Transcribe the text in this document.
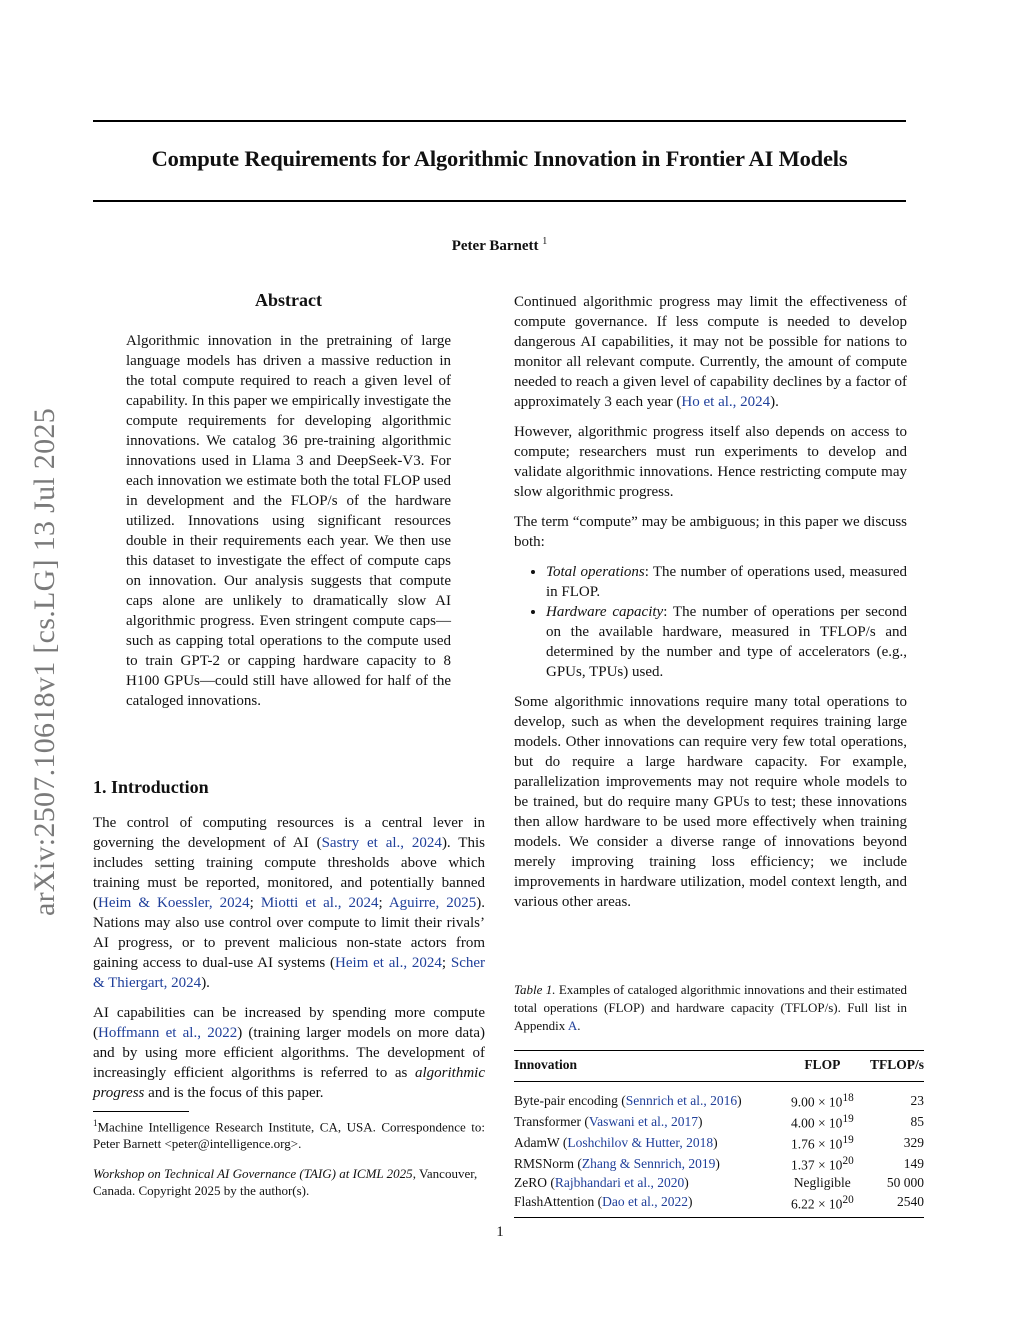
Compute Requirements for Algorithmic Innovation in Frontier AI Models
Peter Barnett $^1$
arXiv:2507.10618v1 [cs.LG] 13 Jul 2025
Abstract
Algorithmic innovation in the pretraining of large language models has driven a massive reduction in the total compute required to reach a given level of capability. In this paper we empirically investigate the compute requirements for developing algorithmic innovations. We catalog 36 pre-training algorithmic innovations used in Llama 3 and DeepSeek-V3. For each innovation we estimate both the total FLOP used in development and the FLOP/s of the hardware utilized. Innovations using significant resources double in their requirements each year. We then use this dataset to investigate the effect of compute caps on innovation. Our analysis suggests that compute caps alone are unlikely to dramatically slow AI algorithmic progress. Even stringent compute caps—such as capping total operations to the compute used to train GPT-2 or capping hardware capacity to 8 H100 GPUs—could still have allowed for half of the cataloged innovations.
1. Introduction

The control of computing resources is a central lever in governing the development of AI (Sastry et al., 2024). This includes setting training compute thresholds above which training must be reported, monitored, and potentially banned (Heim & Koessler, 2024; Miotti et al., 2024; Aguirre, 2025). Nations may also use control over compute to limit their rivals’ AI progress, or to prevent malicious non-state actors from gaining access to dual-use AI systems (Heim et al., 2024; Scher & Thiergart, 2024).

AI capabilities can be increased by spending more compute (Hoffmann et al., 2022) (training larger models on more data) and by using more efficient algorithms. The development of increasingly efficient algorithms is referred to as algorithmic progress and is the focus of this paper.

$^1$Machine Intelligence Research Institute, CA, USA. Correspondence to: Peter Barnett <peter@intelligence.org>.
Workshop on Technical AI Governance (TAIG) at ICML 2025, Vancouver, Canada. Copyright 2025 by the author(s).

Continued algorithmic progress may limit the effectiveness of compute governance. If less compute is needed to develop dangerous AI capabilities, it may not be possible for nations to monitor all relevant compute. Currently, the amount of compute needed to reach a given level of capability declines by a factor of approximately 3 each year (Ho et al., 2024).

However, algorithmic progress itself also depends on access to compute; researchers must run experiments to develop and validate algorithmic innovations. Hence restricting compute may slow algorithmic progress.

The term “compute” may be ambiguous; in this paper we discuss both:

• Total operations: The number of operations used, measured in FLOP.
• Hardware capacity: The number of operations per second on the available hardware, measured in TFLOP/s and determined by the number and type of accelerators (e.g., GPUs, TPUs) used.

Some algorithmic innovations require many total operations to develop, such as when the development requires training large models. Other innovations can require very few total operations, but do require a large hardware capacity. For example, parallelization improvements may not require whole models to be trained, but do require many GPUs to test; these innovations then allow hardware to be used more effectively when training models. We consider a diverse range of innovations beyond merely improving training loss efficiency; we include improvements in hardware utilization, model context length, and various other areas.

Table 1. Examples of cataloged algorithmic innovations and their estimated total operations (FLOP) and hardware capacity (TFLOP/s). Full list in Appendix A.
Innovation	FLOP	TFLOP/s
Byte-pair encoding (Sennrich et al., 2016)	$9.00 \times 10^{18}$	23
Transformer (Vaswani et al., 2017)	$4.00 \times 10^{19}$	85
AdamW (Loshchilov & Hutter, 2018)	$1.76 \times 10^{19}$	329
RMSNorm (Zhang & Sennrich, 2019)	$1.37 \times 10^{20}$	149
ZeRO (Rajbhandari et al., 2020)	Negligible	50 000
FlashAttention (Dao et al., 2022)	$6.22 \times 10^{20}$	2540
1
